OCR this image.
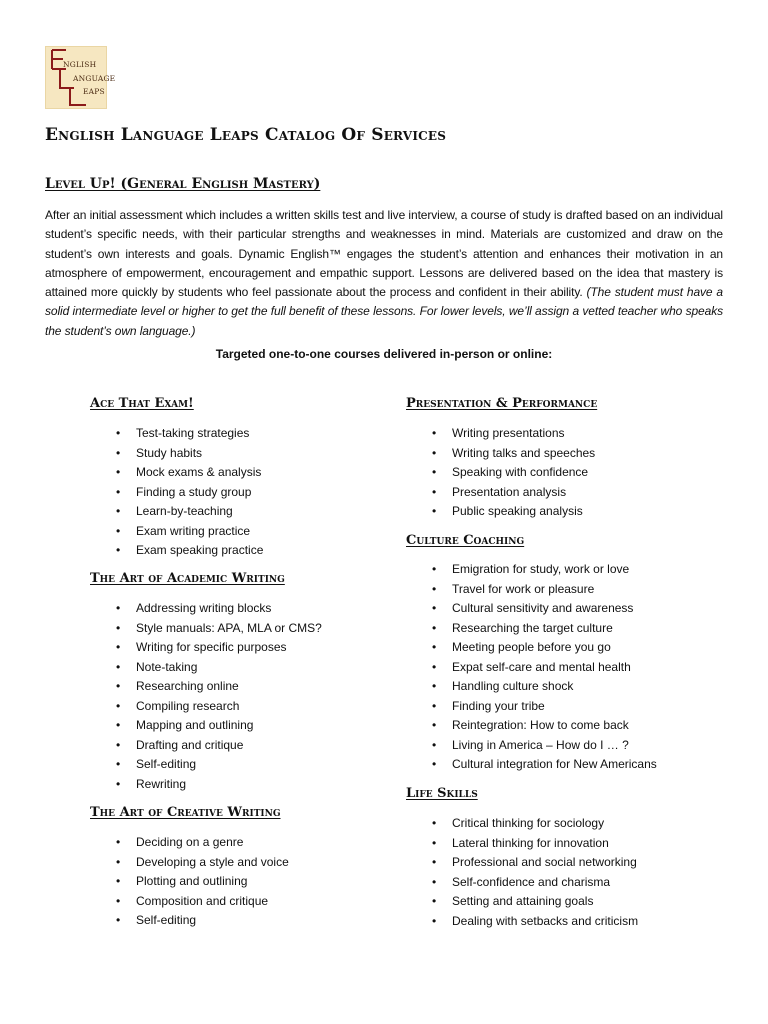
NGLISH
ANGUAGE
EAPS
English Language Leaps Catalog Of Services
Level Up! (General English Mastery)

After an initial assessment which includes a written skills test and live interview, a course of study is drafted based on an individual student’s specific needs, with their particular strengths and weaknesses in mind. Materials are customized and draw on the student’s own interests and goals. Dynamic English™ engages the student’s attention and enhances their motivation in an atmosphere of empowerment, encouragement and empathic support. Lessons are delivered based on the idea that mastery is attained more quickly by students who feel passionate about the process and confident in their ability. (The student must have a solid intermediate level or higher to get the full benefit of these lessons. For lower levels, we’ll assign a vetted teacher who speaks the student’s own language.)

Targeted one-to-one courses delivered in-person or online:

Ace That Exam!
• Test-taking strategies
• Study habits
• Mock exams & analysis
• Finding a study group
• Learn-by-teaching
• Exam writing practice
• Exam speaking practice
The Art of Academic Writing
• Addressing writing blocks
• Style manuals: APA, MLA or CMS?
• Writing for specific purposes
• Note-taking
• Researching online
• Compiling research
• Mapping and outlining
• Drafting and critique
• Self-editing
• Rewriting
The Art of Creative Writing
• Deciding on a genre
• Developing a style and voice
• Plotting and outlining
• Composition and critique
• Self-editing
Presentation & Performance
• Writing presentations
• Writing talks and speeches
• Speaking with confidence
• Presentation analysis
• Public speaking analysis
Culture Coaching
• Emigration for study, work or love
• Travel for work or pleasure
• Cultural sensitivity and awareness
• Researching the target culture
• Meeting people before you go
• Expat self-care and mental health
• Handling culture shock
• Finding your tribe
• Reintegration: How to come back
• Living in America – How do I … ?
• Cultural integration for New Americans
Life Skills
• Critical thinking for sociology
• Lateral thinking for innovation
• Professional and social networking
• Self-confidence and charisma
• Setting and attaining goals
• Dealing with setbacks and criticism
